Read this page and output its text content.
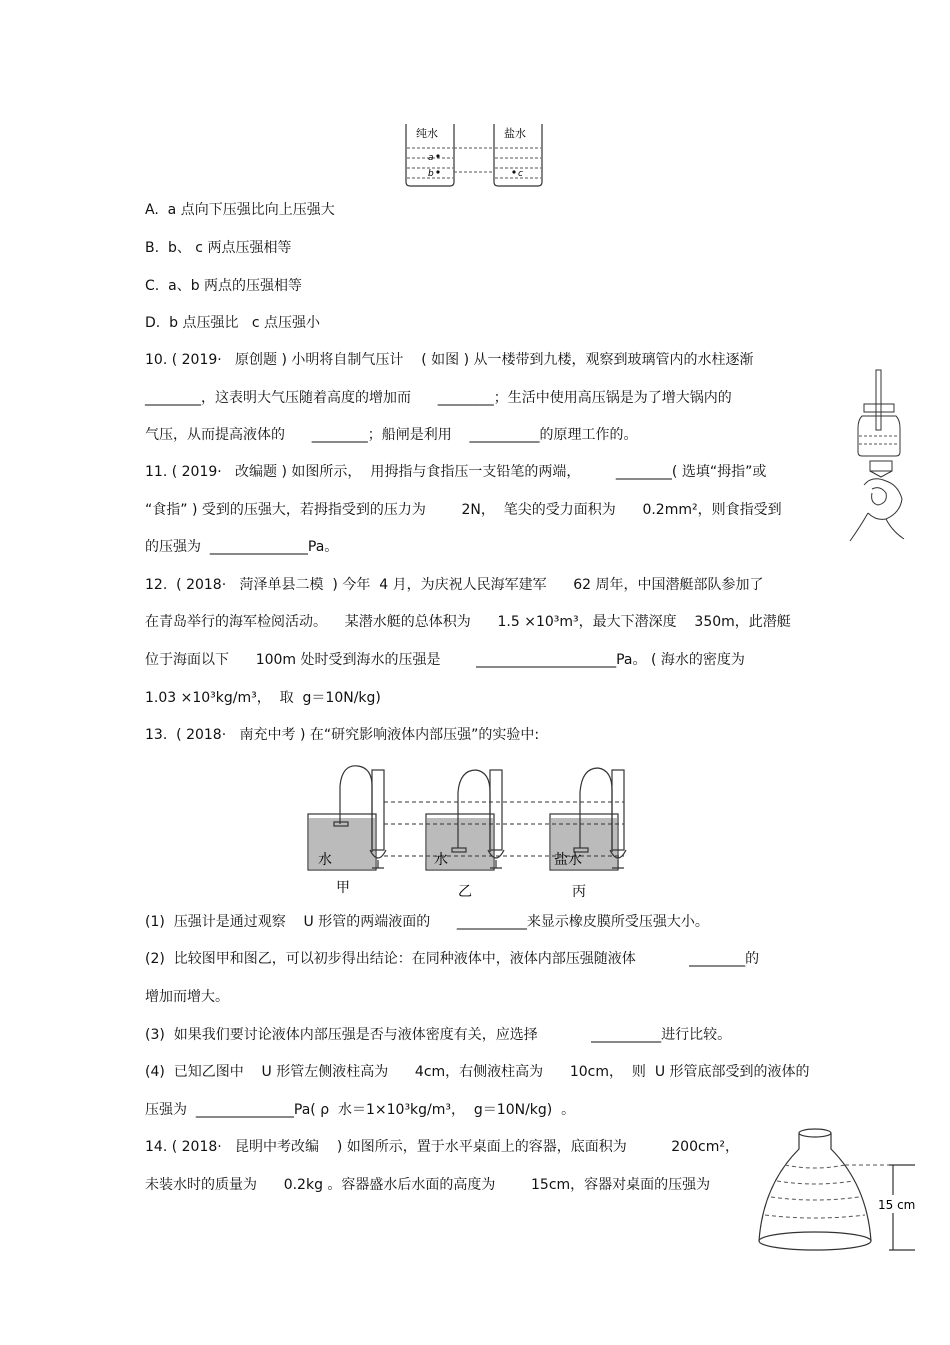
纯水	盐水
a
b	c
A.  a 点向下压强比向上压强大
B.  b、 c 两点压强相等
C.  a、b 两点的压强相等
D.  b 点压强比   c 点压强小
10. ( 2019·   原创题 ) 小明将自制气压计    ( 如图 ) 从一楼带到九楼，观察到玻璃管内的水柱逐渐
________，这表明大气压随着高度的增加而      ________；生活中使用高压锅是为了增大锅内的
气压，从而提高液体的      ________；船闸是利用    __________的原理工作的。
11. ( 2019·   改编题 ) 如图所示，  用拇指与食指压一支铅笔的两端，        ________( 选填“拇指”或
“食指” ) 受到的压强大，若拇指受到的压力为        2N，  笔尖的受力面积为      0.2mm²，则食指受到
的压强为  ______________Pa。
12.  ( 2018·   菏泽单县二模  ) 今年  4 月，为庆祝人民海军建军      62 周年，中国潜艇部队参加了
在青岛举行的海军检阅活动。    某潜水艇的总体积为      1.5 ×10³m³，最大下潜深度    350m，此潜艇
位于海面以下      100m 处时受到海水的压强是        ____________________Pa。 ( 海水的密度为
1.03 ×10³kg/m³，  取  g＝10N/kg)
13.  ( 2018·   南充中考 ) 在“研究影响液体内部压强”的实验中:
水	水	盐水
甲	乙	丙
(1)  压强计是通过观察    U 形管的两端液面的      __________来显示橡皮膜所受压强大小。
(2)  比较图甲和图乙，可以初步得出结论：在同种液体中，液体内部压强随液体            ________的
增加而增大。
(3)  如果我们要讨论液体内部压强是否与液体密度有关，应选择            __________进行比较。
(4)  已知乙图中    U 形管左侧液柱高为      4cm，右侧液柱高为      10cm，  则  U 形管底部受到的液体的
压强为  ______________Pa( ρ  水＝1×10³kg/m³，  g＝10N/kg)  。
14. ( 2018·   昆明中考改编    ) 如图所示，置于水平桌面上的容器，底面积为          200cm²，
未装水时的质量为      0.2kg 。容器盛水后水面的高度为        15cm，容器对桌面的压强为
15 cm
